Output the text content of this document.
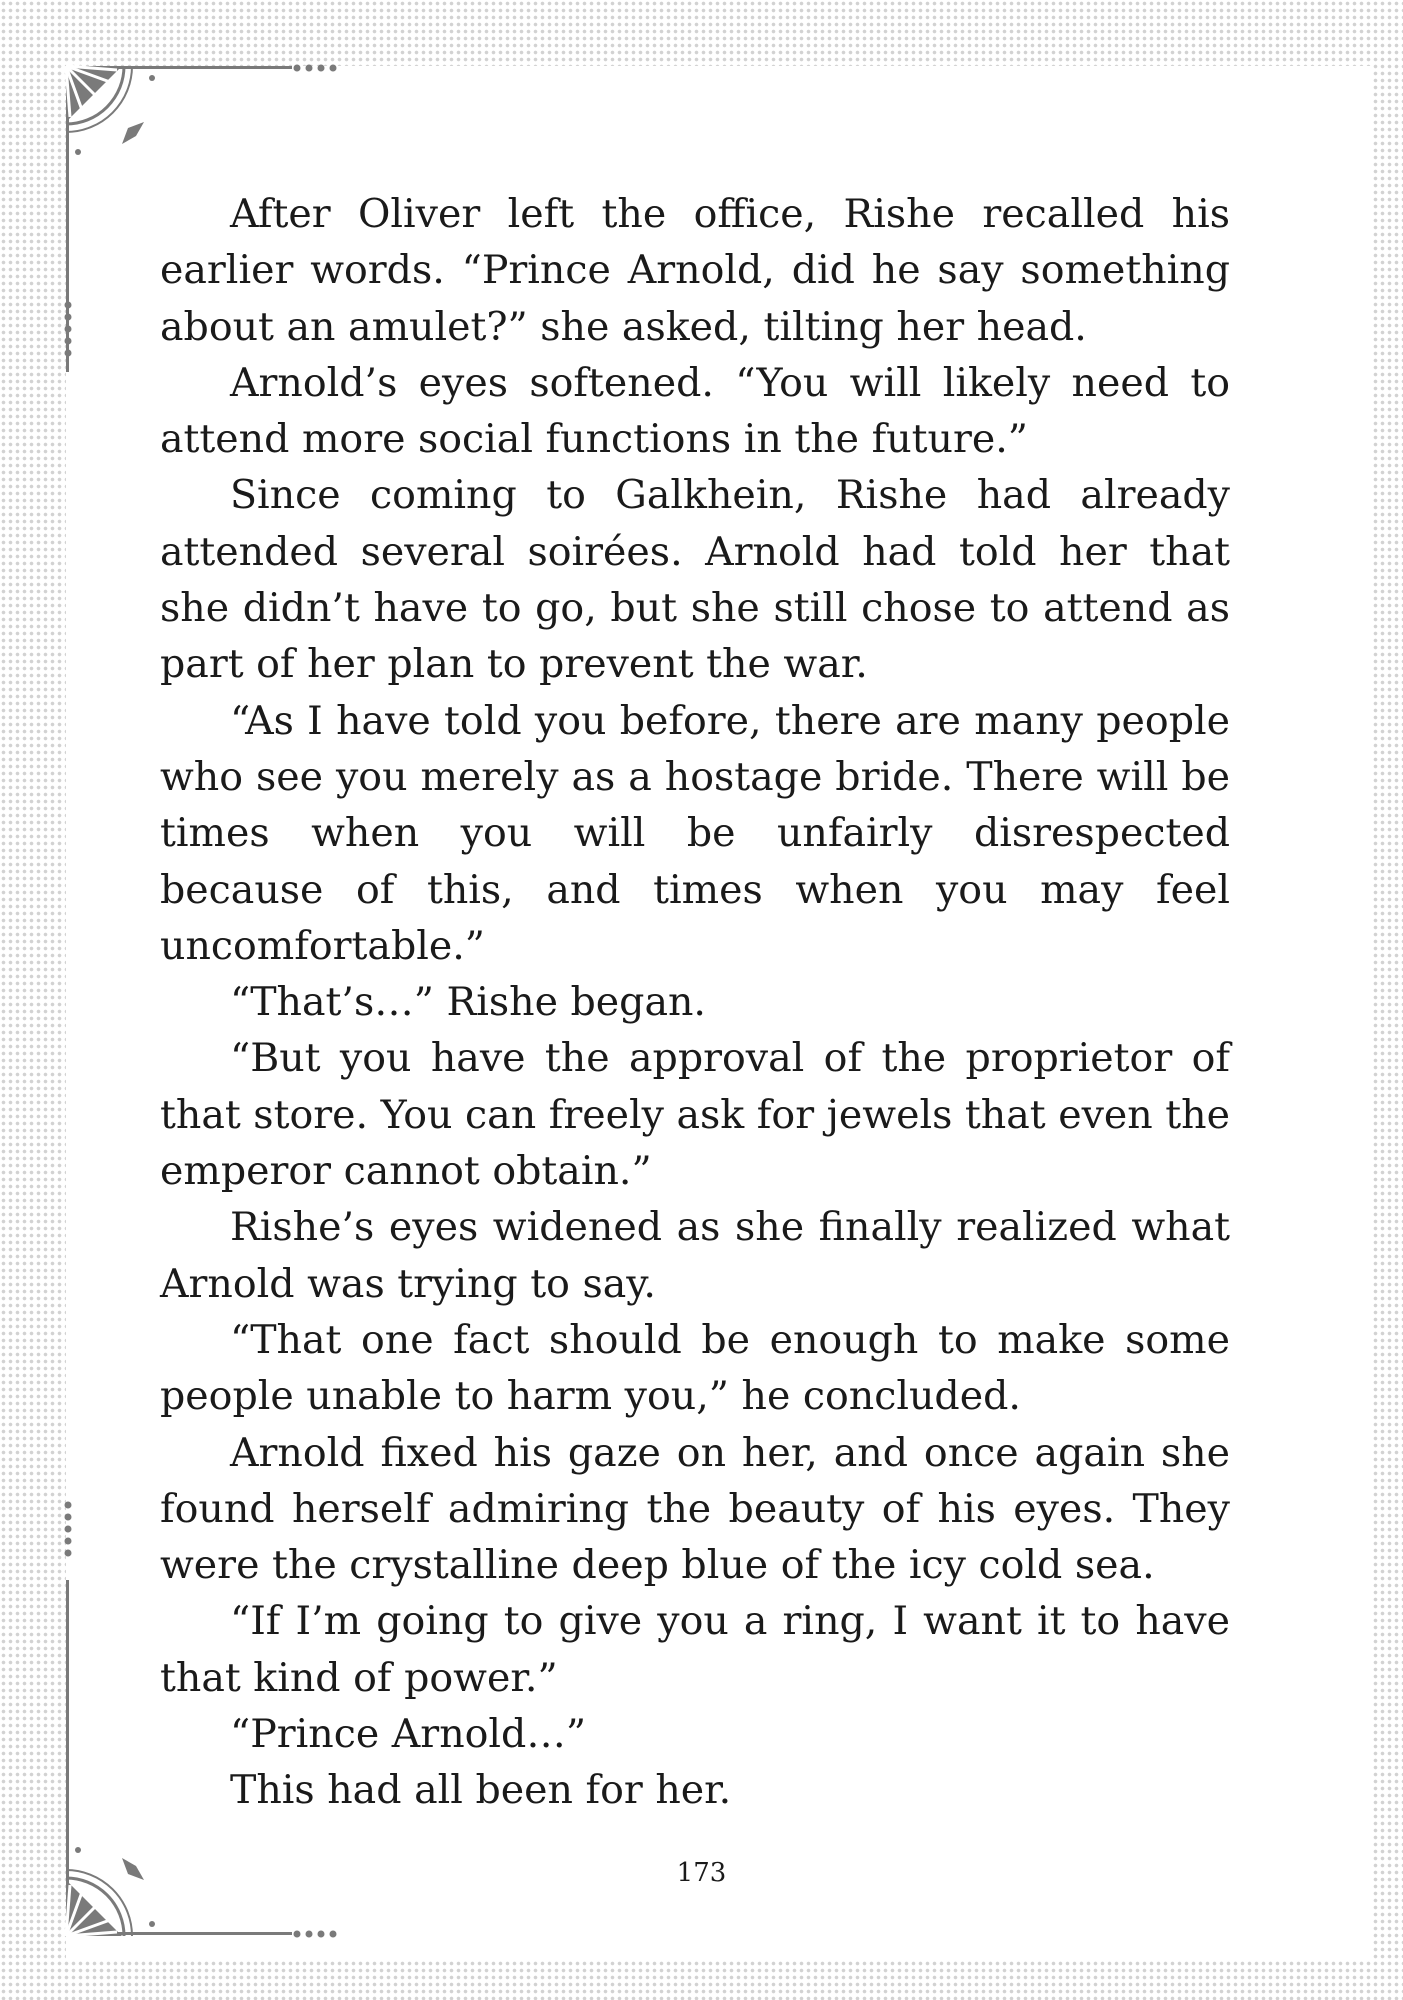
After Oliver left the office, Rishe recalled his earlier words. “Prince Arnold, did he say something about an amulet?” she asked, tilting her head.

Arnold’s eyes softened. “You will likely need to attend more social functions in the future.”

Since coming to Galkhein, Rishe had already attended several soirées. Arnold had told her that she didn’t have to go, but she still chose to attend as part of her plan to prevent the war.

“As I have told you before, there are many people who see you merely as a hostage bride. There will be times when you will be unfairly disrespected because of this, and times when you may feel uncomfortable.”

“That’s…” Rishe began.

“But you have the approval of the proprietor of that store. You can freely ask for jewels that even the emperor cannot obtain.”

Rishe’s eyes widened as she finally realized what Arnold was trying to say.

“That one fact should be enough to make some people unable to harm you,” he concluded.

Arnold fixed his gaze on her, and once again she found herself admiring the beauty of his eyes. They were the crystalline deep blue of the icy cold sea.

“If I’m going to give you a ring, I want it to have that kind of power.”

“Prince Arnold…”

This had all been for her.

173
